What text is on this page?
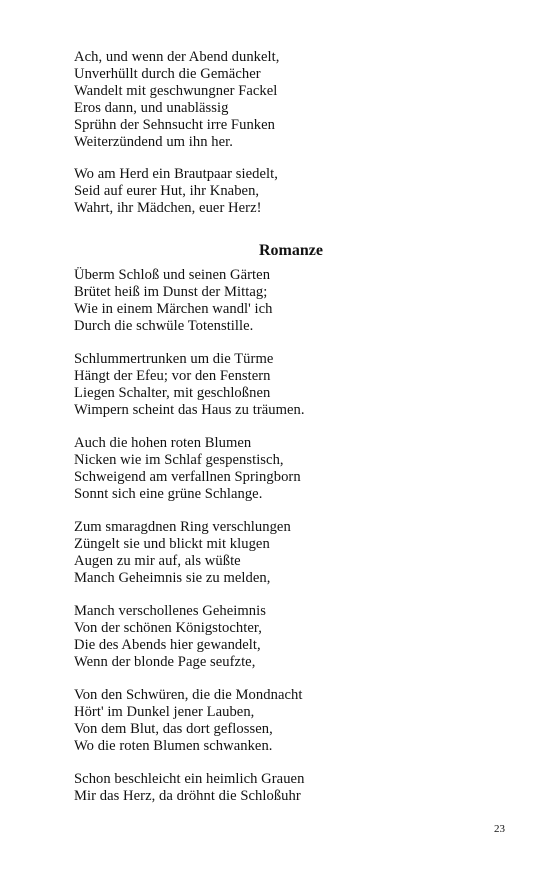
Ach, und wenn der Abend dunkelt,
Unverhüllt durch die Gemächer
Wandelt mit geschwungner Fackel
Eros dann, und unablässig
Sprühn der Sehnsucht irre Funken
Weiterzündend um ihn her.
Wo am Herd ein Brautpaar siedelt,
Seid auf eurer Hut, ihr Knaben,
Wahrt, ihr Mädchen, euer Herz!
Romanze
Überm Schloß und seinen Gärten
Brütet heiß im Dunst der Mittag;
Wie in einem Märchen wandl' ich
Durch die schwüle Totenstille.
Schlummertrunken um die Türme
Hängt der Efeu; vor den Fenstern
Liegen Schalter, mit geschloßnen
Wimpern scheint das Haus zu träumen.
Auch die hohen roten Blumen
Nicken wie im Schlaf gespenstisch,
Schweigend am verfallnen Springborn
Sonnt sich eine grüne Schlange.
Zum smaragdnen Ring verschlungen
Züngelt sie und blickt mit klugen
Augen zu mir auf, als wüßte
Manch Geheimnis sie zu melden,
Manch verschollenes Geheimnis
Von der schönen Königstochter,
Die des Abends hier gewandelt,
Wenn der blonde Page seufzte,
Von den Schwüren, die die Mondnacht
Hört' im Dunkel jener Lauben,
Von dem Blut, das dort geflossen,
Wo die roten Blumen schwanken.
Schon beschleicht ein heimlich Grauen
Mir das Herz, da dröhnt die Schloßuhr
23
